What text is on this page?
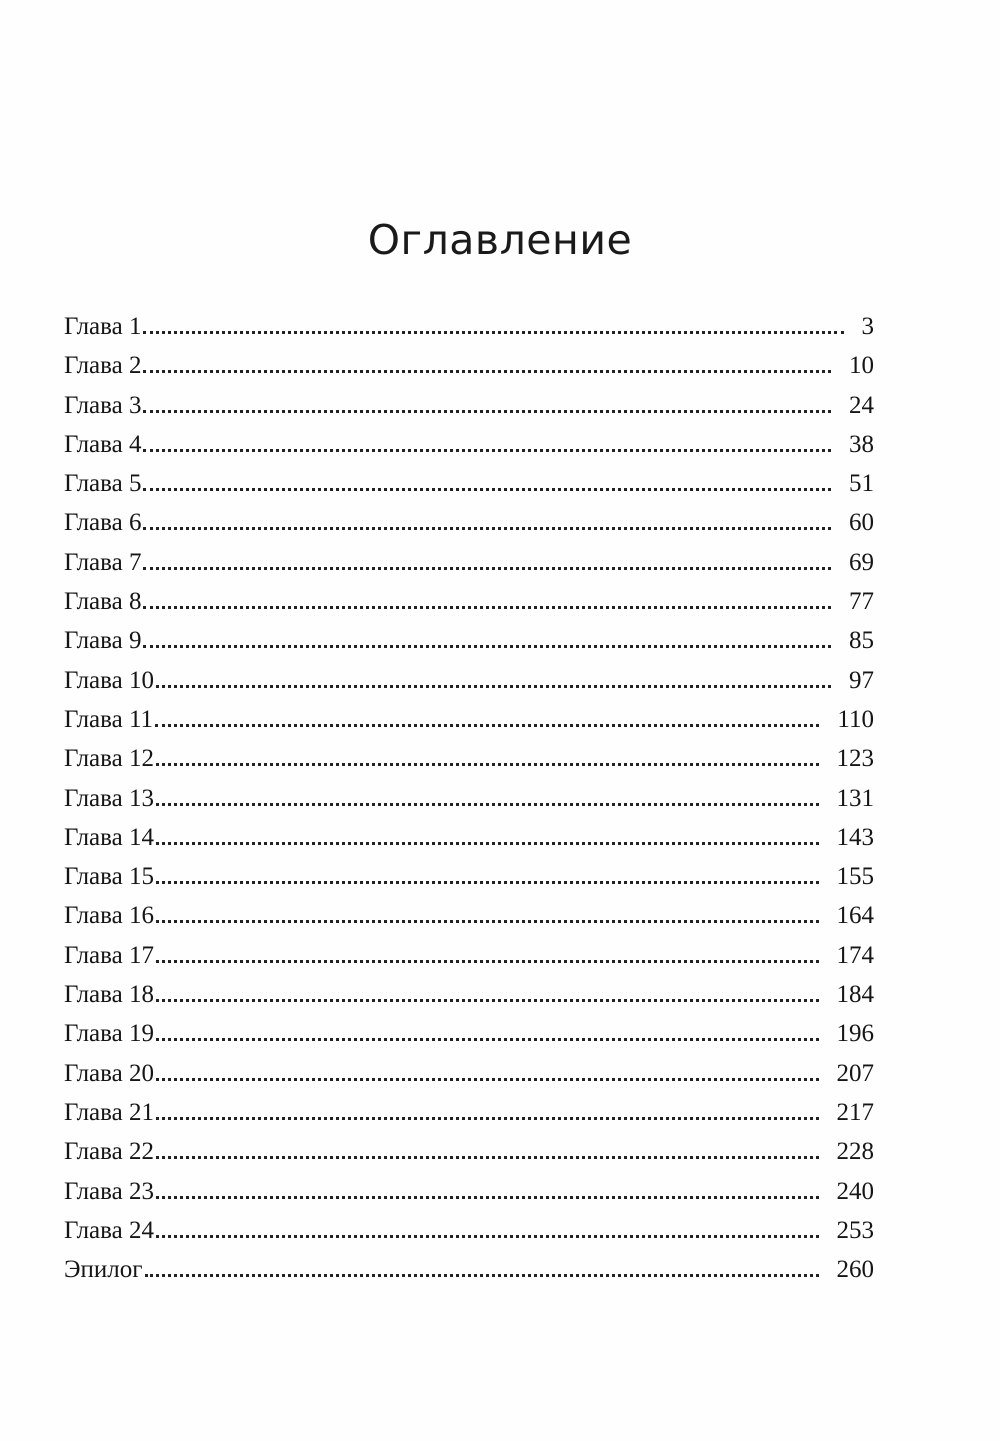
Оглавление
Глава 1	3
Глава 2	10
Глава 3	24
Глава 4	38
Глава 5	51
Глава 6	60
Глава 7	69
Глава 8	77
Глава 9	85
Глава 10	97
Глава 11	110
Глава 12	123
Глава 13	131
Глава 14	143
Глава 15	155
Глава 16	164
Глава 17	174
Глава 18	184
Глава 19	196
Глава 20	207
Глава 21	217
Глава 22	228
Глава 23	240
Глава 24	253
Эпилог	260
